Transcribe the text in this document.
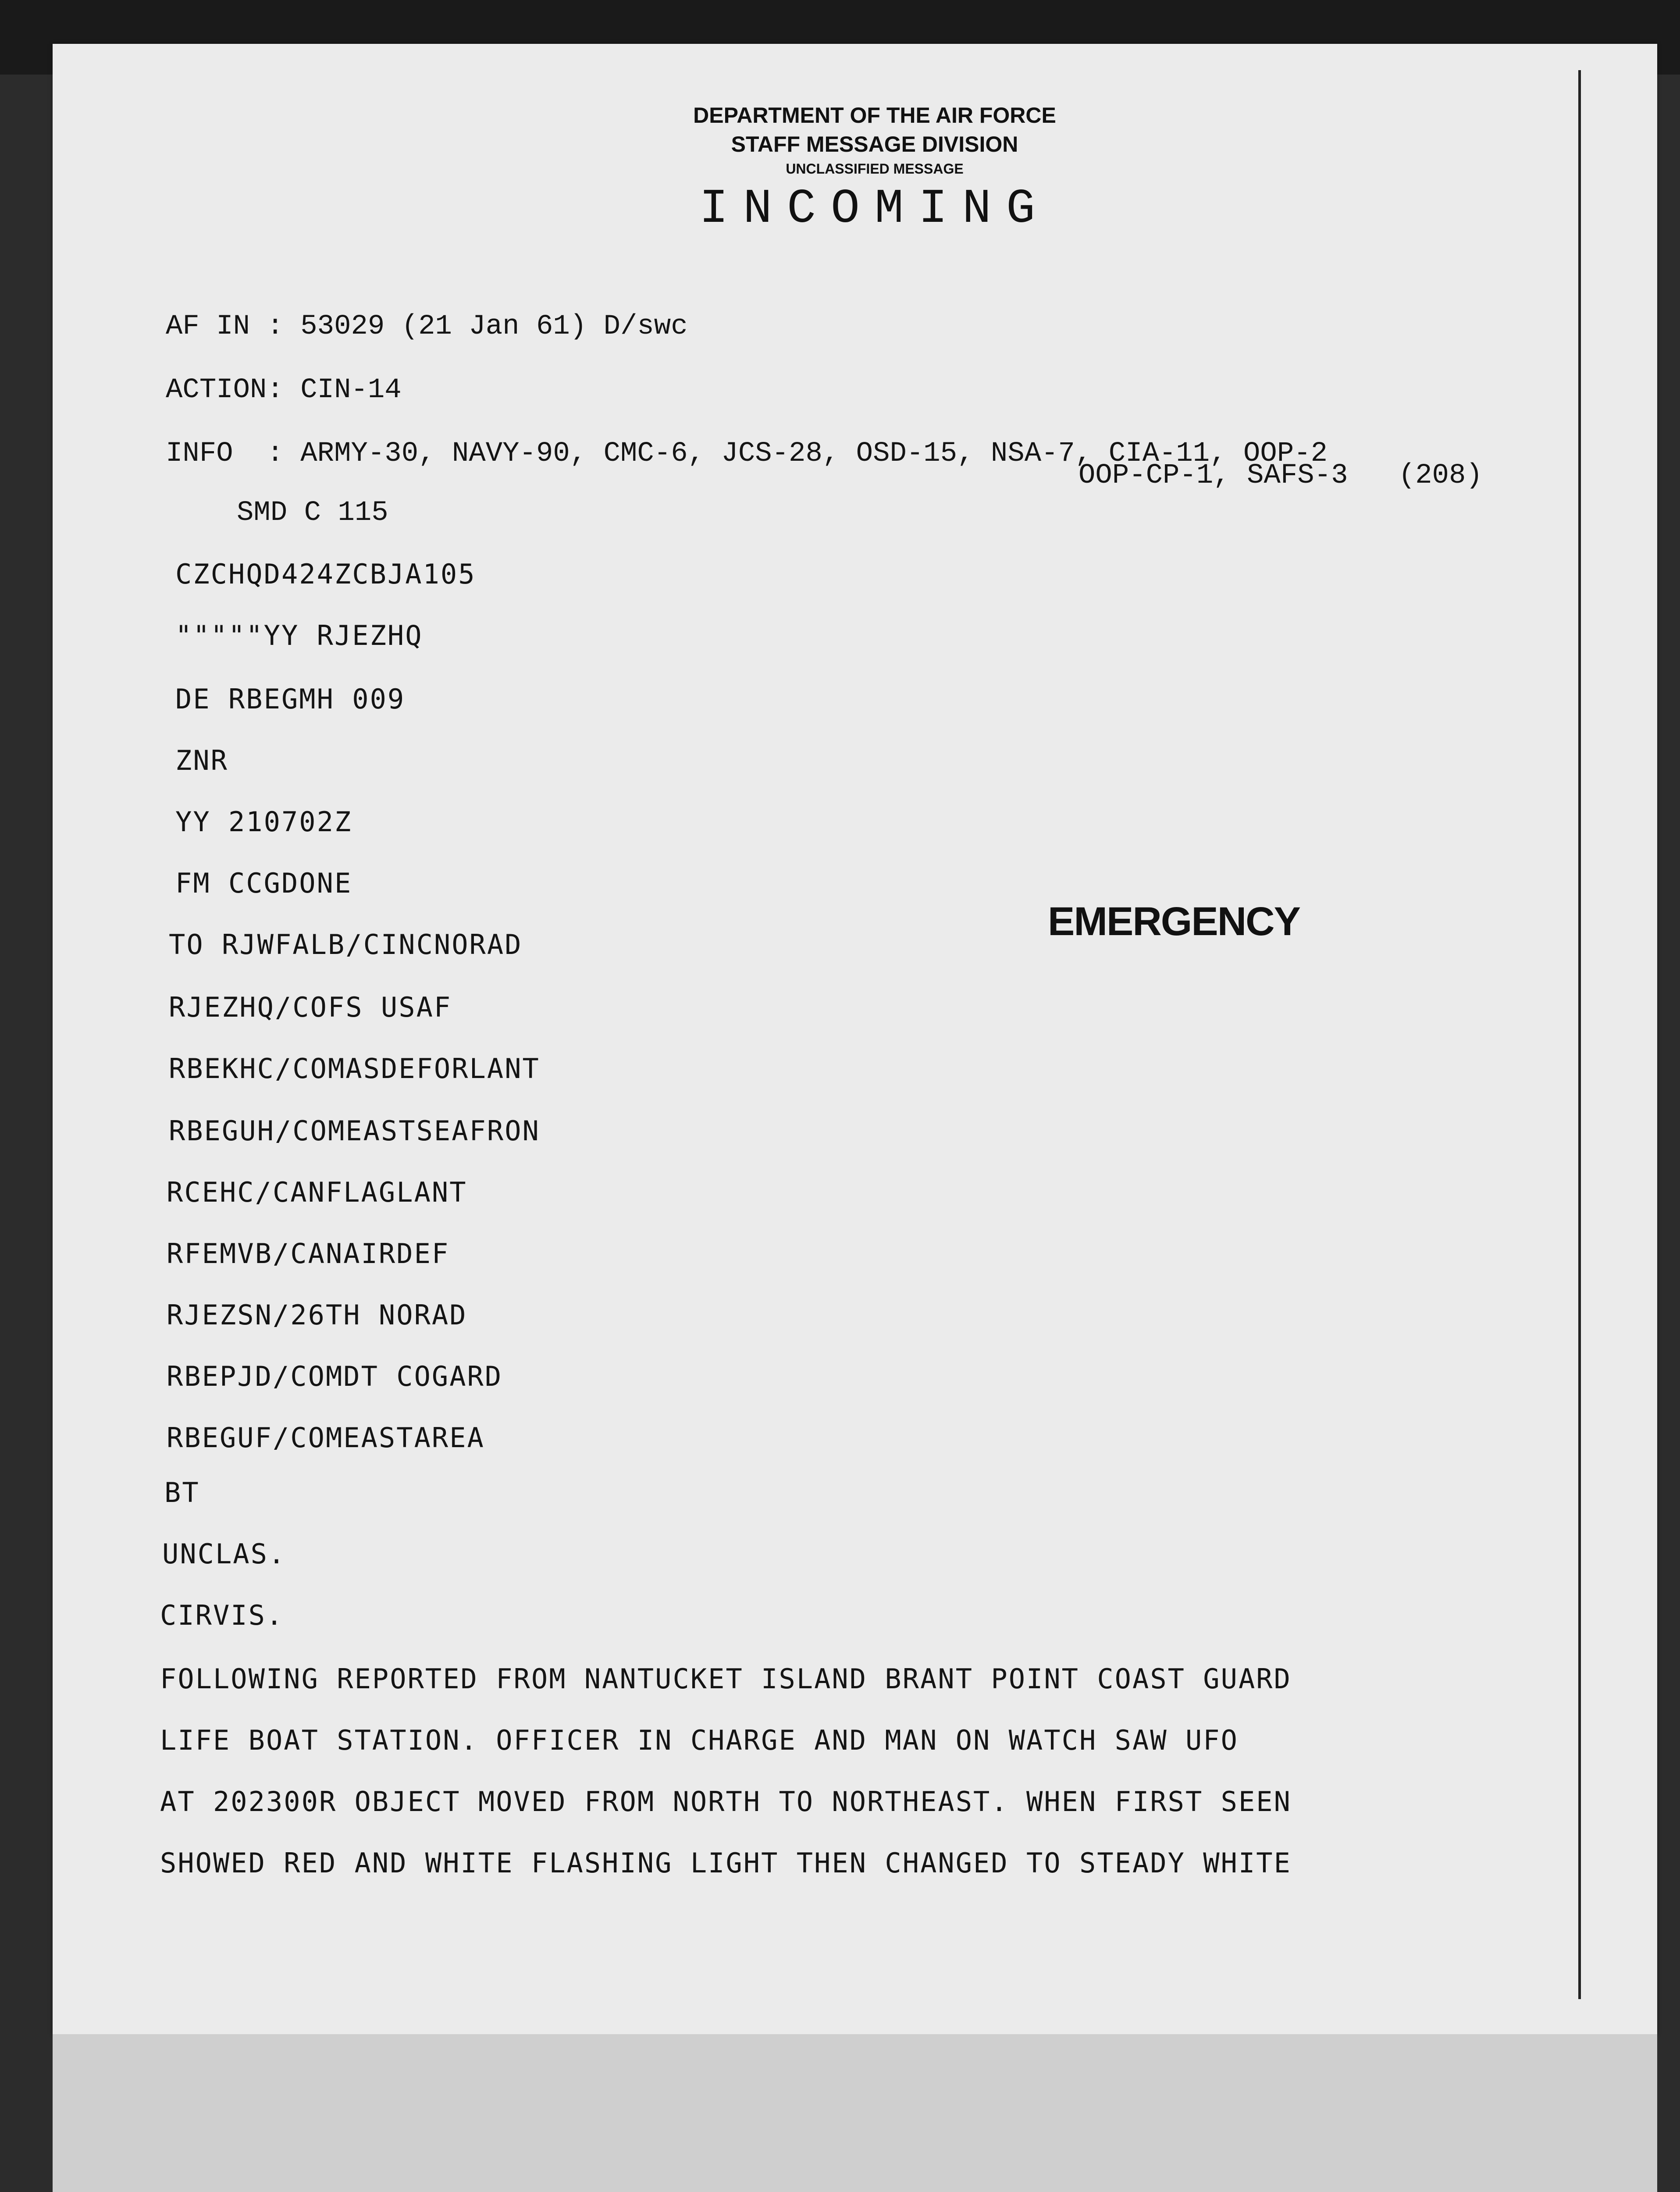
DEPARTMENT OF THE AIR FORCE
STAFF MESSAGE DIVISION
UNCLASSIFIED MESSAGE
INCOMING
AF IN : 53029 (21 Jan 61) D/swc
ACTION: CIN-14
INFO  : ARMY-30, NAVY-90, CMC-6, JCS-28, OSD-15, NSA-7, CIA-11, OOP-2
OOP-CP-1, SAFS-3   (208)
SMD C 115
CZCHQD424ZCBJA105
"""""YY RJEZHQ
DE RBEGMH 009
ZNR
YY 210702Z
FM CCGDONE
TO RJWFALB/CINCNORAD
RJEZHQ/COFS USAF
RBEKHC/COMASDEFORLANT
RBEGUH/COMEASTSEAFRON
RCEHC/CANFLAGLANT
RFEMVB/CANAIRDEF
RJEZSN/26TH NORAD
RBEPJD/COMDT COGARD
RBEGUF/COMEASTAREA
BT
UNCLAS.
CIRVIS.
EMERGENCY
FOLLOWING REPORTED FROM NANTUCKET ISLAND BRANT POINT COAST GUARD
LIFE BOAT STATION. OFFICER IN CHARGE AND MAN ON WATCH SAW UFO
AT 202300R OBJECT MOVED FROM NORTH TO NORTHEAST. WHEN FIRST SEEN
SHOWED RED AND WHITE FLASHING LIGHT THEN CHANGED TO STEADY WHITE
